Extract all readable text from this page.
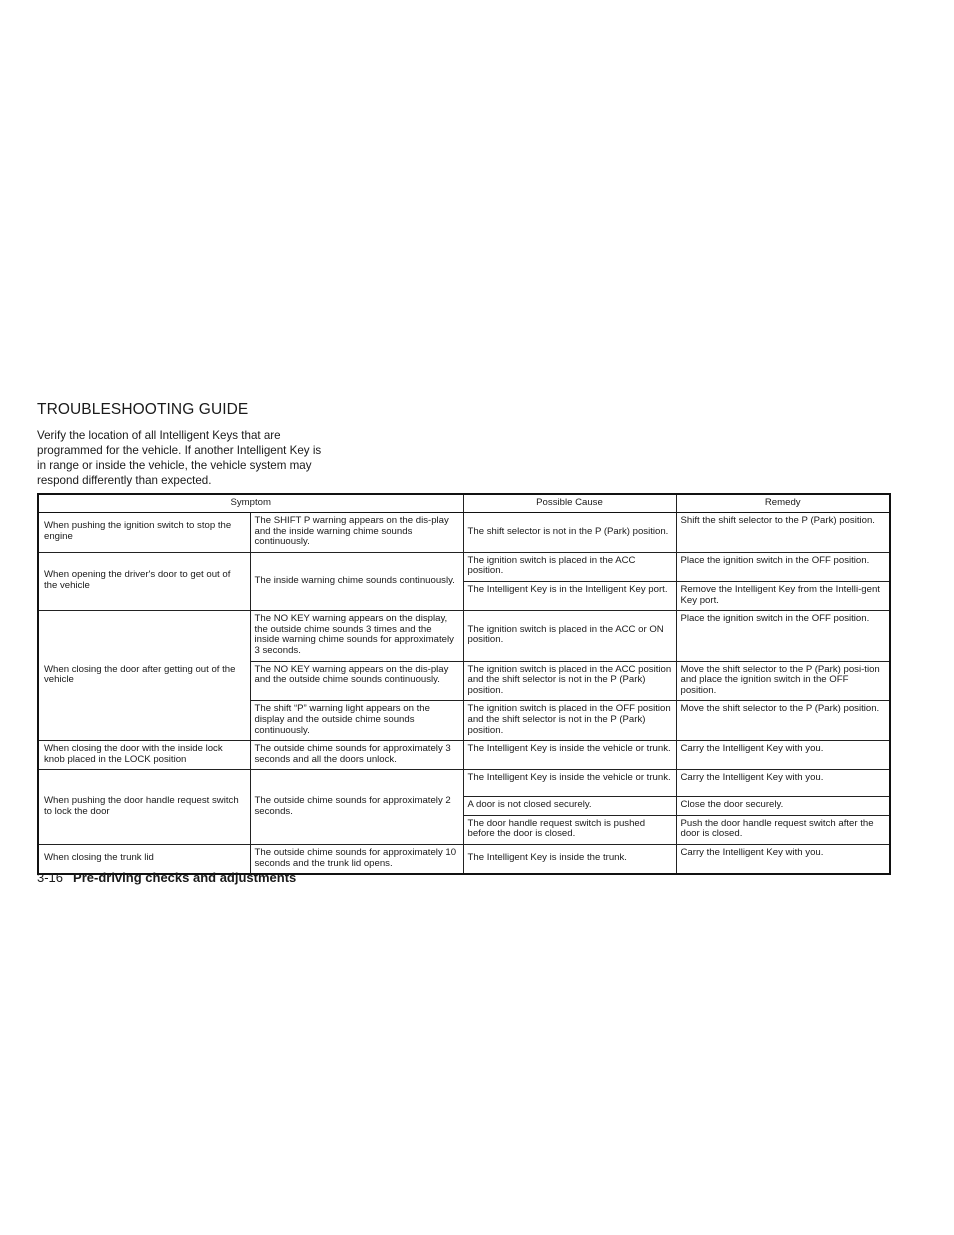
TROUBLESHOOTING GUIDE

Verify the location of all Intelligent Keys that are programmed for the vehicle. If another Intelligent Key is in range or inside the vehicle, the vehicle system may respond differently than expected.

Symptom		Possible Cause	Remedy
When pushing the ignition switch to stop the engine	The SHIFT P warning appears on the dis-play and the inside warning chime sounds continuously.	The shift selector is not in the P (Park) position.	Shift the shift selector to the P (Park) position.
When opening the driver's door to get out of the vehicle	The inside warning chime sounds continuously.	The ignition switch is placed in the ACC position.	Place the ignition switch in the OFF position.
		The Intelligent Key is in the Intelligent Key port.	Remove the Intelligent Key from the Intelli-gent Key port.
When closing the door after getting out of the vehicle	The NO KEY warning appears on the display, the outside chime sounds 3 times and the inside warning chime sounds for approximately 3 seconds.	The ignition switch is placed in the ACC or ON position.	Place the ignition switch in the OFF position.
	The NO KEY warning appears on the dis-play and the outside chime sounds continuously.	The ignition switch is placed in the ACC position and the shift selector is not in the P (Park) position.	Move the shift selector to the P (Park) posi-tion and place the ignition switch in the OFF position.
	The shift “P” warning light appears on the display and the outside chime sounds continuously.	The ignition switch is placed in the OFF position and the shift selector is not in the P (Park) position.	Move the shift selector to the P (Park) position.
When closing the door with the inside lock knob placed in the LOCK position	The outside chime sounds for approximately 3 seconds and all the doors unlock.	The Intelligent Key is inside the vehicle or trunk.	Carry the Intelligent Key with you.
When pushing the door handle request switch to lock the door	The outside chime sounds for approximately 2 seconds.	The Intelligent Key is inside the vehicle or trunk.	Carry the Intelligent Key with you.
		A door is not closed securely.	Close the door securely.
		The door handle request switch is pushed before the door is closed.	Push the door handle request switch after the door is closed.
When closing the trunk lid	The outside chime sounds for approximately 10 seconds and the trunk lid opens.	The Intelligent Key is inside the trunk.	Carry the Intelligent Key with you.

3-16 Pre-driving checks and adjustments
